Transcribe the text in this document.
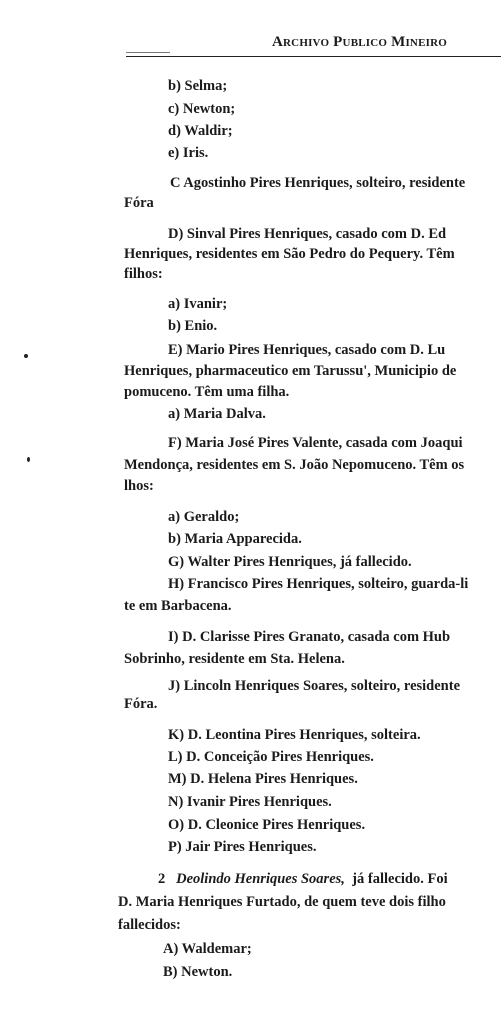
Archivo Publico Mineiro
b) Selma;
c) Newton;
d) Waldir;
e) Iris.
C Agostinho Pires Henriques, solteiro, residente
Fóra
D) Sinval Pires Henriques, casado com D. Ed
Henriques, residentes em São Pedro do Pequery. Têm
filhos:
a) Ivanir;
b) Enio.
E) Mario Pires Henriques, casado com D. Lu
Henriques, pharmaceutico em Tarussu', Municipio de
pomuceno. Têm uma filha.
a) Maria Dalva.
F) Maria José Pires Valente, casada com Joaqui
Mendonça, residentes em S. João Nepomuceno. Têm os
lhos:
a) Geraldo;
b) Maria Apparecida.
G) Walter Pires Henriques, já fallecido.
H) Francisco Pires Henriques, solteiro, guarda-li
te em Barbacena.
I) D. Clarisse Pires Granato, casada com Hub
Sobrinho, residente em Sta. Helena.
J) Lincoln Henriques Soares, solteiro, residente
Fóra.
K) D. Leontina Pires Henriques, solteira.
L) D. Conceição Pires Henriques.
M) D. Helena Pires Henriques.
N) Ivanir Pires Henriques.
O) D. Cleonice Pires Henriques.
P) Jair Pires Henriques.
2 Deolindo Henriques Soares, já fallecido. Foi
D. Maria Henriques Furtado, de quem teve dois filho
fallecidos:
A) Waldemar;
B) Newton.
